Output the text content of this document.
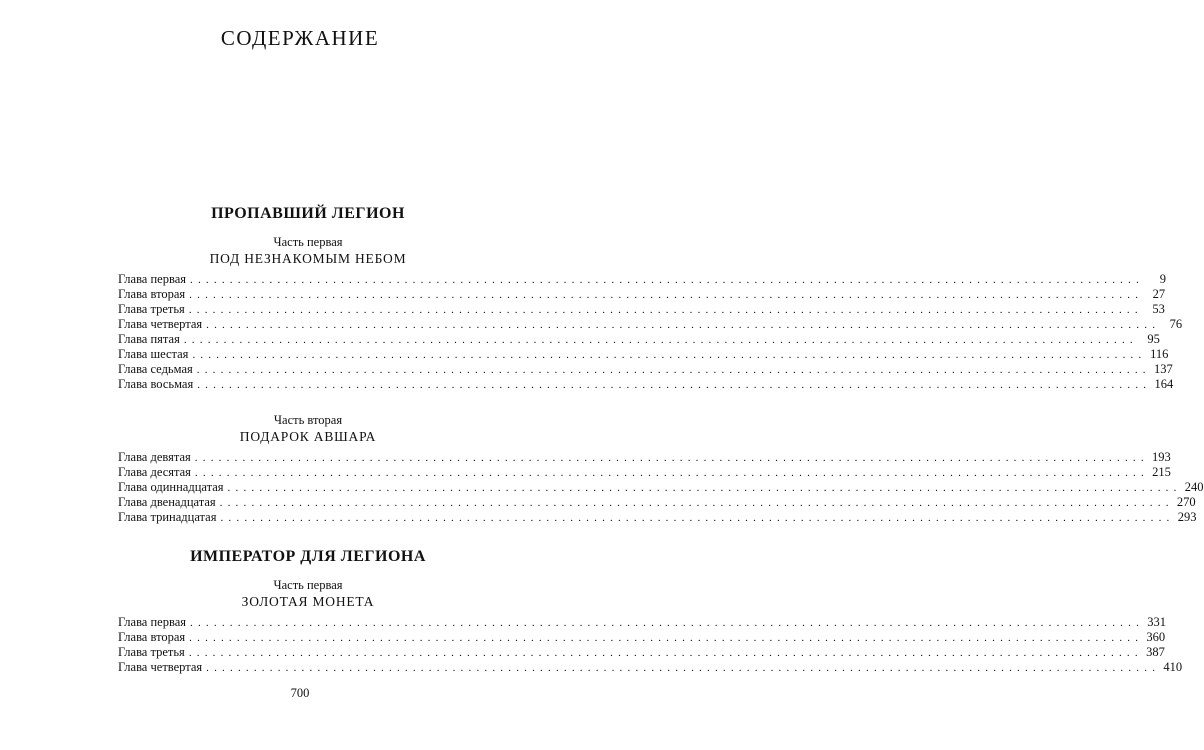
СОДЕРЖАНИЕ
ПРОПАВШИЙ ЛЕГИОН
Часть первая
ПОД НЕЗНАКОМЫМ НЕБОМ
Глава первая ........................................................................................................................	9
Глава вторая ........................................................................................................................ 27
Глава третья ........................................................................................................................ 53
Глава четвертая ........................................................................................................................ 76
Глава пятая ........................................................................................................................ 95
Глава шестая ........................................................................................................................ 116
Глава седьмая ........................................................................................................................ 137
Глава восьмая ........................................................................................................................ 164
Часть вторая
ПОДАРОК АВШАРА
Глава девятая ........................................................................................................................ 193
Глава десятая ........................................................................................................................ 215
Глава одиннадцатая ........................................................................................................................ 240
Глава двенадцатая ........................................................................................................................ 270
Глава тринадцатая ........................................................................................................................ 293
ИМПЕРАТОР ДЛЯ ЛЕГИОНА
Часть первая
ЗОЛОТАЯ МОНЕТА
Глава первая ........................................................................................................................ 331
Глава вторая ........................................................................................................................ 360
Глава третья ........................................................................................................................ 387
Глава четвертая ........................................................................................................................ 410
700
